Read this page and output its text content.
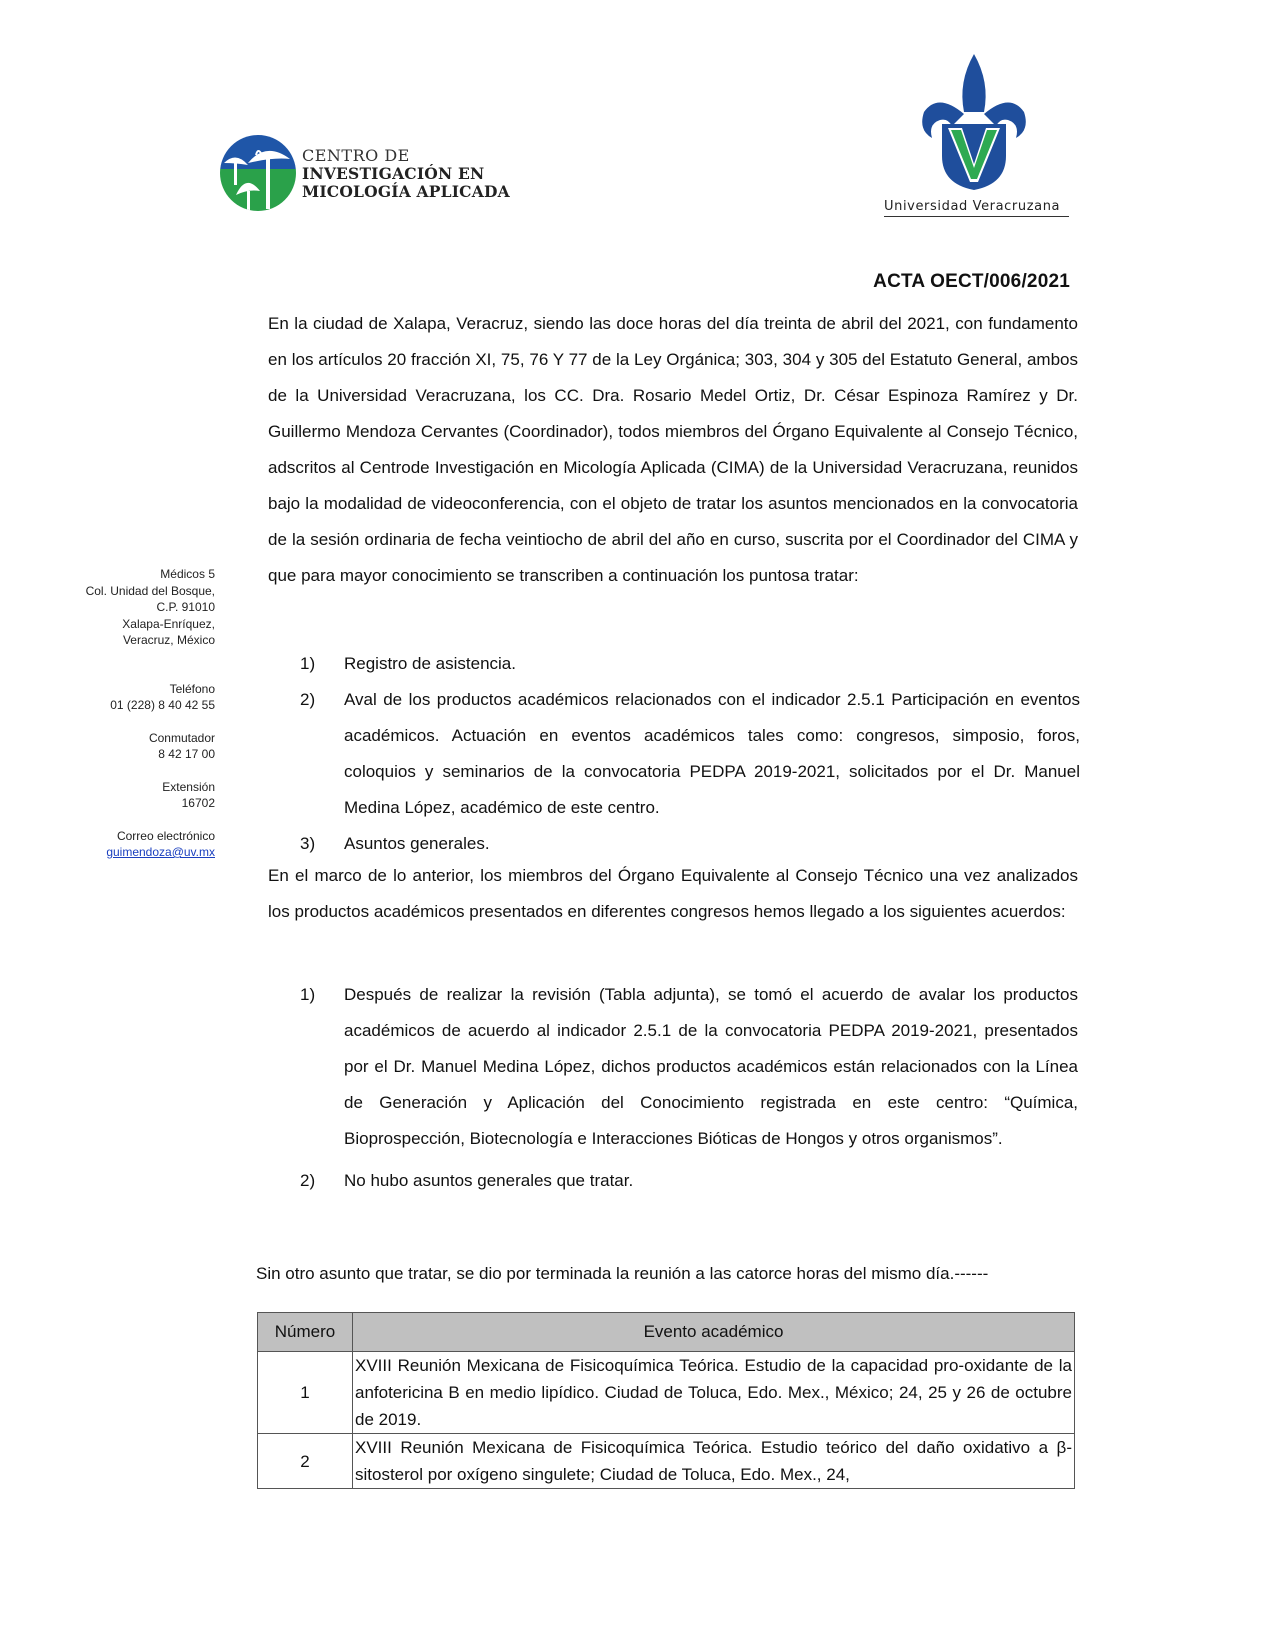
CENTRO DE
INVESTIGACIÓN EN
MICOLOGÍA APLICADA
Universidad Veracruzana
ACTA OECT/006/2021
En la ciudad de Xalapa, Veracruz, siendo las doce horas del día treinta de abril del 2021, con fundamento en los artículos 20 fracción XI, 75, 76 Y 77 de la Ley Orgánica; 303, 304 y 305 del Estatuto General, ambos de la Universidad Veracruzana, los CC. Dra. Rosario Medel Ortiz, Dr. César Espinoza Ramírez y Dr. Guillermo Mendoza Cervantes (Coordinador), todos miembros del Órgano Equivalente al Consejo Técnico, adscritos al Centrode Investigación en Micología Aplicada (CIMA) de la Universidad Veracruzana, reunidos bajo la modalidad de videoconferencia, con el objeto de tratar los asuntos mencionados en la convocatoria de la sesión ordinaria de fecha veintiocho de abril del año en curso, suscrita por el Coordinador del CIMA y que para mayor conocimiento se transcriben a continuación los puntosa tratar:
1)	Registro de asistencia.
2)	Aval de los productos académicos relacionados con el indicador 2.5.1 Participación en eventos académicos. Actuación en eventos académicos tales como: congresos, simposio, foros, coloquios y seminarios de la convocatoria PEDPA 2019-2021, solicitados por el Dr. Manuel Medina López, académico de este centro.
3)	Asuntos generales.
En el marco de lo anterior, los miembros del Órgano Equivalente al Consejo Técnico una vez analizados los productos académicos presentados en diferentes congresos hemos llegado a los siguientes acuerdos:
1)	Después de realizar la revisión (Tabla adjunta), se tomó el acuerdo de avalar los productos académicos de acuerdo al indicador 2.5.1 de la convocatoria PEDPA 2019-2021, presentados por el Dr. Manuel Medina López, dichos productos académicos están relacionados con la Línea de Generación y Aplicación del Conocimiento registrada en este centro: “Química, Bioprospección, Biotecnología e Interacciones Bióticas de Hongos y otros organismos”.
2)	No hubo asuntos generales que tratar.
Sin otro asunto que tratar, se dio por terminada la reunión a las catorce horas del mismo día.------
Médicos 5
Col. Unidad del Bosque,
C.P. 91010
Xalapa-Enríquez,
Veracruz, México
Teléfono
01 (228) 8 40 42 55
Conmutador
8 42 17 00
Extensión
16702
Correo electrónico
guimendoza@uv.mx
Número	Evento académico
1	XVIII Reunión Mexicana de Fisicoquímica Teórica. Estudio de la capacidad pro-oxidante de la anfotericina B en medio lipídico. Ciudad de Toluca, Edo. Mex., México; 24, 25 y 26 de octubre de 2019.
2	XVIII Reunión Mexicana de Fisicoquímica Teórica. Estudio teórico del daño oxidativo a β-sitosterol por oxígeno singulete; Ciudad de Toluca, Edo. Mex., 24,
